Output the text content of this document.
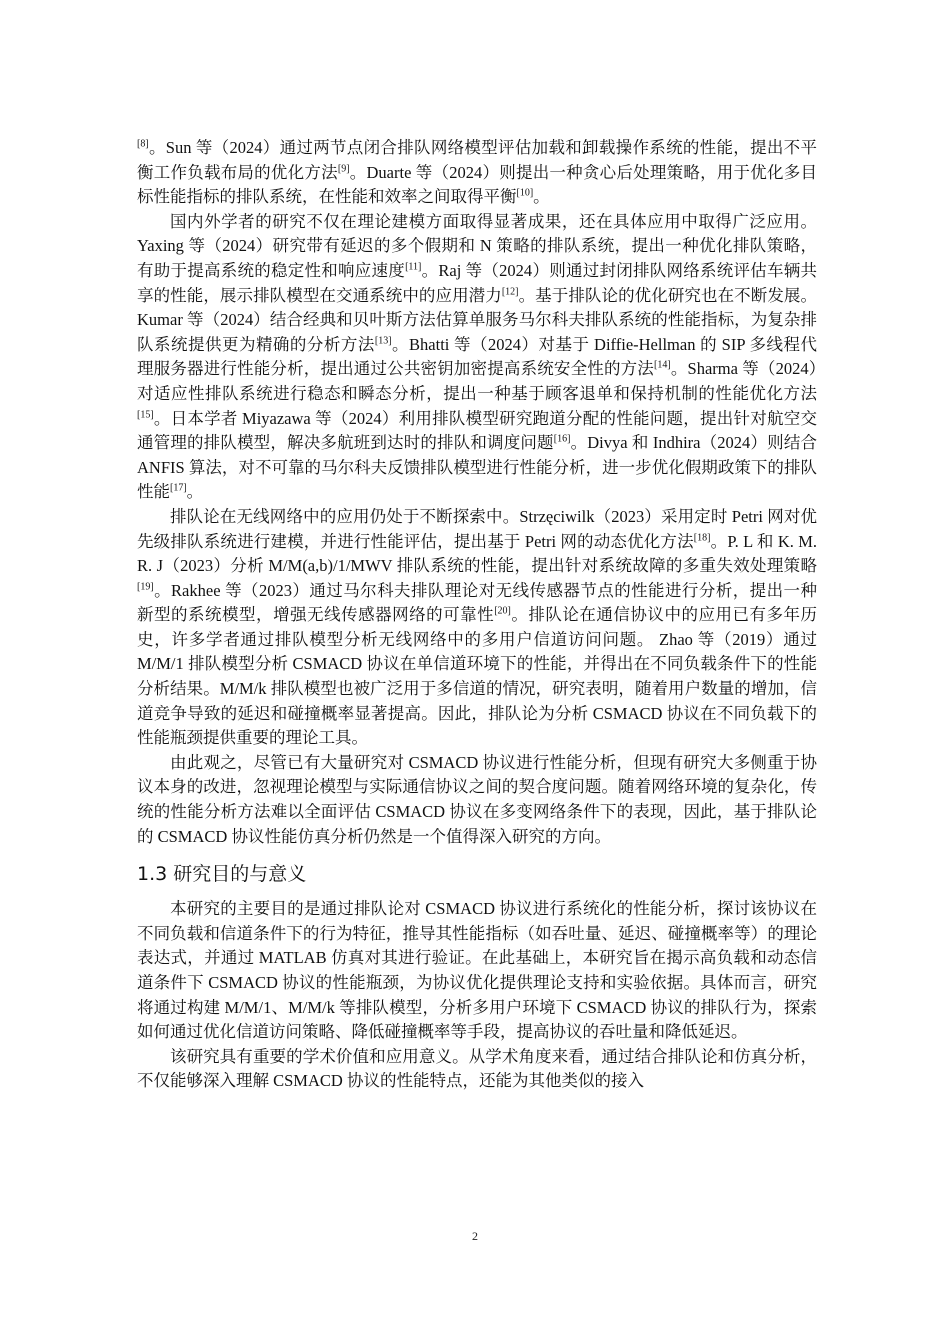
[8]。Sun 等（2024）通过两节点闭合排队网络模型评估加载和卸载操作系统的性能，提出不平衡工作负载布局的优化方法[9]。Duarte 等（2024）则提出一种贪心后处理策略，用于优化多目标性能指标的排队系统，在性能和效率之间取得平衡[10]。

国内外学者的研究不仅在理论建模方面取得显著成果，还在具体应用中取得广泛应用。Yaxing 等（2024）研究带有延迟的多个假期和 N 策略的排队系统，提出一种优化排队策略，有助于提高系统的稳定性和响应速度[11]。Raj 等（2024）则通过封闭排队网络系统评估车辆共享的性能，展示排队模型在交通系统中的应用潜力[12]。基于排队论的优化研究也在不断发展。Kumar 等（2024）结合经典和贝叶斯方法估算单服务马尔科夫排队系统的性能指标，为复杂排队系统提供更为精确的分析方法[13]。Bhatti 等（2024）对基于 Diffie-Hellman 的 SIP 多线程代理服务器进行性能分析，提出通过公共密钥加密提高系统安全性的方法[14]。Sharma 等（2024）对适应性排队系统进行稳态和瞬态分析，提出一种基于顾客退单和保持机制的性能优化方法[15]。日本学者 Miyazawa 等（2024）利用排队模型研究跑道分配的性能问题，提出针对航空交通管理的排队模型，解决多航班到达时的排队和调度问题[16]。Divya 和 Indhira（2024）则结合 ANFIS 算法，对不可靠的马尔科夫反馈排队模型进行性能分析，进一步优化假期政策下的排队性能[17]。

排队论在无线网络中的应用仍处于不断探索中。Strzęciwilk（2023）采用定时 Petri 网对优先级排队系统进行建模，并进行性能评估，提出基于 Petri 网的动态优化方法[18]。P. L 和 K. M. R. J（2023）分析 M/M(a,b)/1/MWV 排队系统的性能，提出针对系统故障的多重失效处理策略[19]。Rakhee 等（2023）通过马尔科夫排队理论对无线传感器节点的性能进行分析，提出一种新型的系统模型，增强无线传感器网络的可靠性[20]。排队论在通信协议中的应用已有多年历史，许多学者通过排队模型分析无线网络中的多用户信道访问问题。 Zhao 等（2019）通过 M/M/1 排队模型分析 CSMACD 协议在单信道环境下的性能，并得出在不同负载条件下的性能分析结果。M/M/k 排队模型也被广泛用于多信道的情况，研究表明，随着用户数量的增加，信道竞争导致的延迟和碰撞概率显著提高。因此，排队论为分析 CSMACD 协议在不同负载下的性能瓶颈提供重要的理论工具。

由此观之，尽管已有大量研究对 CSMACD 协议进行性能分析，但现有研究大多侧重于协议本身的改进，忽视理论模型与实际通信协议之间的契合度问题。随着网络环境的复杂化，传统的性能分析方法难以全面评估 CSMACD 协议在多变网络条件下的表现，因此，基于排队论的 CSMACD 协议性能仿真分析仍然是一个值得深入研究的方向。

1.3 研究目的与意义

本研究的主要目的是通过排队论对 CSMACD 协议进行系统化的性能分析，探讨该协议在不同负载和信道条件下的行为特征，推导其性能指标（如吞吐量、延迟、碰撞概率等）的理论表达式，并通过 MATLAB 仿真对其进行验证。在此基础上，本研究旨在揭示高负载和动态信道条件下 CSMACD 协议的性能瓶颈，为协议优化提供理论支持和实验依据。具体而言，研究将通过构建 M/M/1、M/M/k 等排队模型，分析多用户环境下 CSMACD 协议的排队行为，探索如何通过优化信道访问策略、降低碰撞概率等手段，提高协议的吞吐量和降低延迟。

该研究具有重要的学术价值和应用意义。从学术角度来看，通过结合排队论和仿真分析，不仅能够深入理解 CSMACD 协议的性能特点，还能为其他类似的接入

2
